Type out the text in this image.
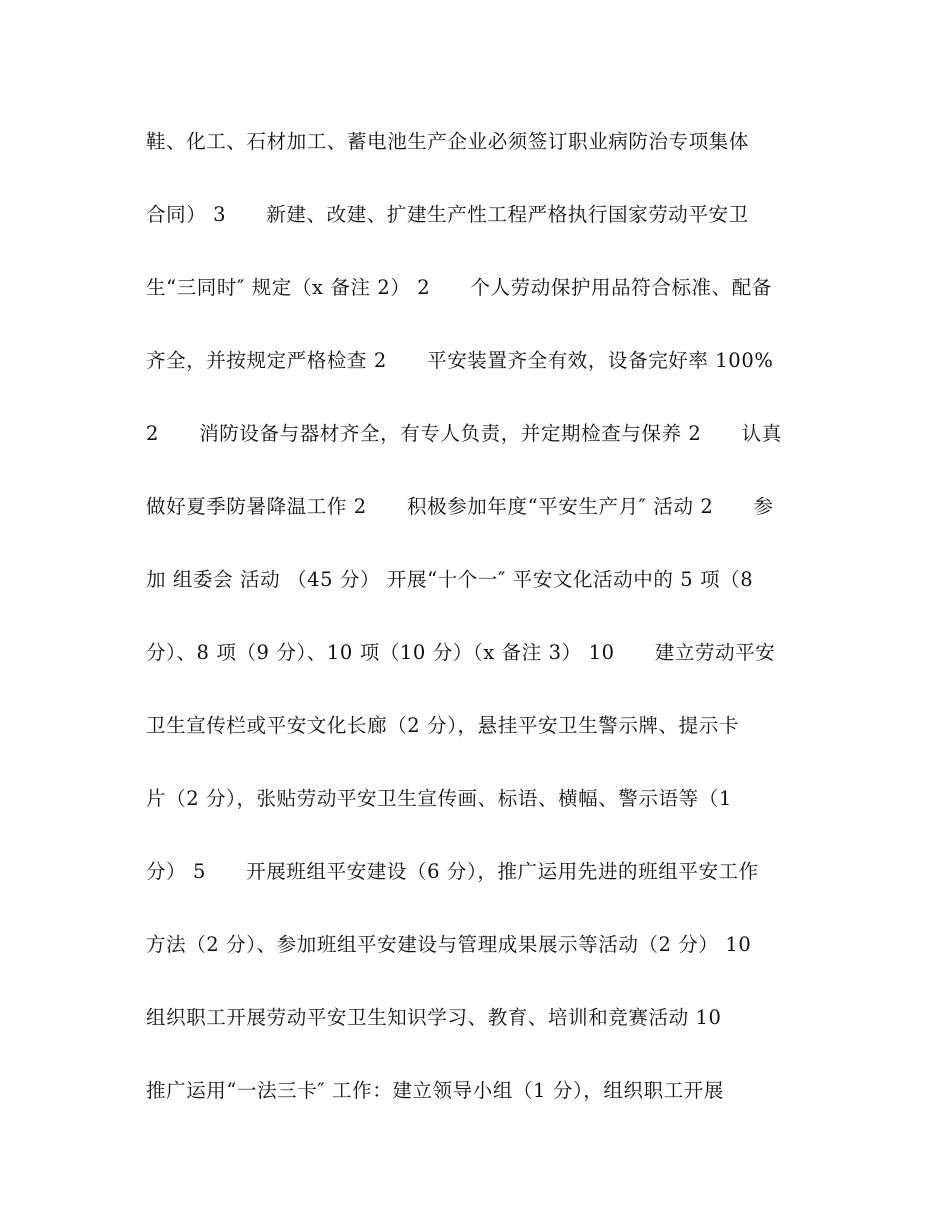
鞋、化工、石材加工、蓄电池生产企业必须签订职业病防治专项集体
合同） 3　　新建、改建、扩建生产性工程严格执行国家劳动平安卫
生“三同时″ 规定（x 备注 2） 2　　个人劳动保护用品符合标准、配备
齐全，并按规定严格检查 2　　平安装置齐全有效，设备完好率 100%
2　　消防设备与器材齐全，有专人负责，并定期检查与保养 2　　认真
做好夏季防暑降温工作 2　　积极参加年度“平安生产月″ 活动 2　　参
加 组委会 活动 （45 分） 开展“十个一″ 平安文化活动中的 5 项（8
分）、8 项（9 分）、10 项（10 分）（x 备注 3） 10　　建立劳动平安
卫生宣传栏或平安文化长廊（2 分），悬挂平安卫生警示牌、提示卡
片（2 分），张贴劳动平安卫生宣传画、标语、横幅、警示语等（1
分） 5　　开展班组平安建设（6 分），推广运用先进的班组平安工作
方法（2 分）、参加班组平安建设与管理成果展示等活动（2 分） 10
组织职工开展劳动平安卫生知识学习、教育、培训和竞赛活动 10
推广运用“一法三卡″ 工作：建立领导小组（1 分），组织职工开展
